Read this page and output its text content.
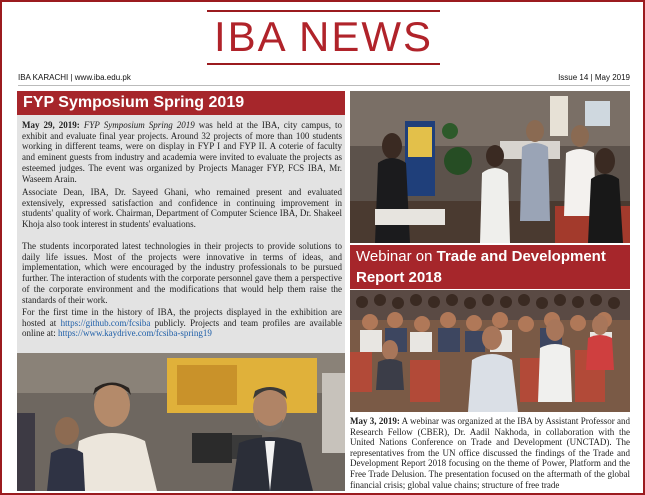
IBA NEWS
IBA KARACHI | www.iba.edu.pk	Issue 14 | May 2019
FYP Symposium Spring 2019
May 29, 2019: FYP Symposium Spring 2019 was held at the IBA, city campus, to exhibit and evaluate final year projects. Around 32 projects of more than 100 students working in different teams, were on display in FYP I and FYP II. A coterie of faculty and eminent guests from industry and academia were invited to evaluate the projects as esteemed judges. The event was organized by Projects Manager FYP, FCS IBA, Mr. Waseem Arain.
Associate Dean, IBA, Dr. Sayeed Ghani, who remained present and evaluated extensively, expressed satisfaction and confidence in continuing improvement in students' quality of work. Chairman, Department of Computer Science IBA, Dr. Shakeel Khoja also took interest in students' evaluations.
The students incorporated latest technologies in their projects to provide solutions to daily life issues. Most of the projects were innovative in terms of ideas, and implementation, which were encouraged by the industry professionals to be pursued further. The interaction of students with the corporate personnel gave them a perspective of the corporate environment and the modifications that would help them raise the standards of their work.
For the first time in the history of IBA, the projects displayed in the exhibition are hosted at https://github.com/fcsiba publicly. Projects and team profiles are available online at: https://www.kaydrive.com/fcsiba-spring19
Webinar on Trade and Development Report 2018
May 3, 2019: A webinar was organized at the IBA by Assistant Professor and Research Fellow (CBER), Dr. Aadil Nakhoda, in collaboration with the United Nations Conference on Trade and Development (UNCTAD). The representatives from the UN office discussed the findings of the Trade and Development Report 2018 focusing on the theme of Power, Platform and the Free Trade Delusion. The presentation focused on the aftermath of the global financial crisis; global value chains; structure of free trade
